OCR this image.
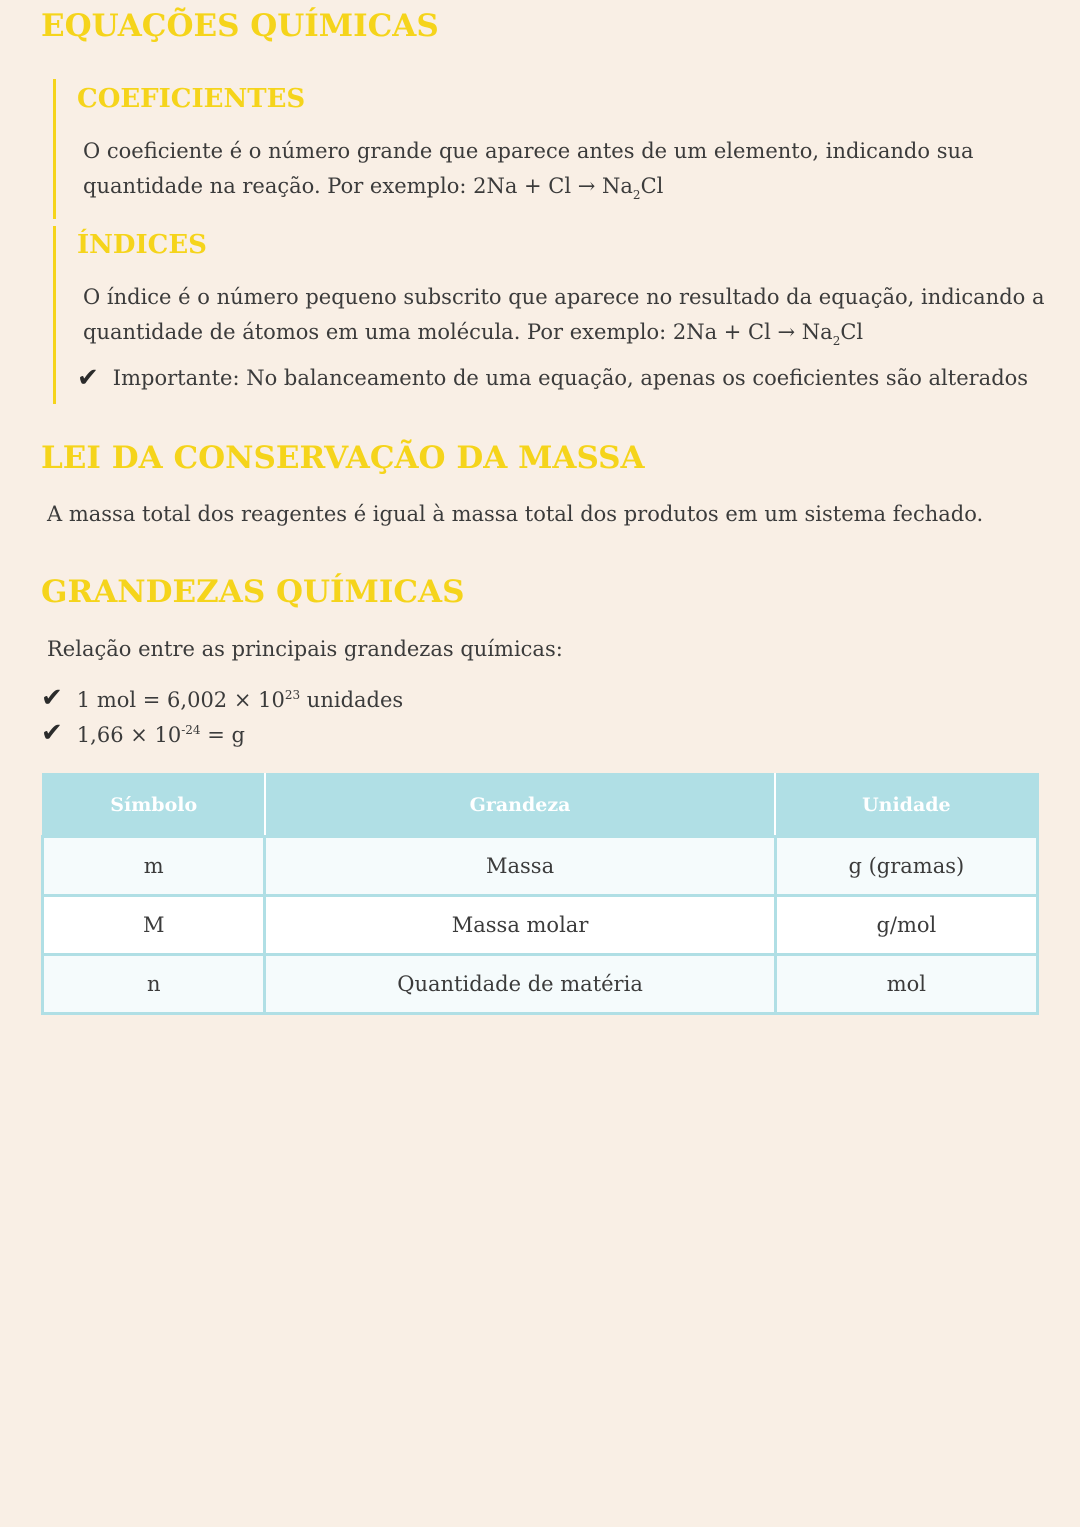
EQUAÇÕES QUÍMICAS
COEFICIENTES
O coeficiente é o número grande que aparece antes de um elemento, indicando sua
quantidade na reação. Por exemplo: $2Na + Cl \to Na_2Cl$
ÍNDICES
O índice é o número pequeno subscrito que aparece no resultado da equação, indicando a
quantidade de átomos em uma molécula. Por exemplo: $2Na + Cl \to Na_2Cl$
✔ Importante: No balanceamento de uma equação, apenas os coeficientes são alterados
LEI DA CONSERVAÇÃO DA MASSA
A massa total dos reagentes é igual à massa total dos produtos em um sistema fechado.
GRANDEZAS QUÍMICAS
Relação entre as principais grandezas químicas:
✔ 1 mol = $6,002 \times 10^{23}$ unidades
✔ $1,66 \times 10^{-24} = g$
Símbolo	Grandeza	Unidade
m	Massa	g (gramas)
M	Massa molar	g/mol
n	Quantidade de matéria	mol
